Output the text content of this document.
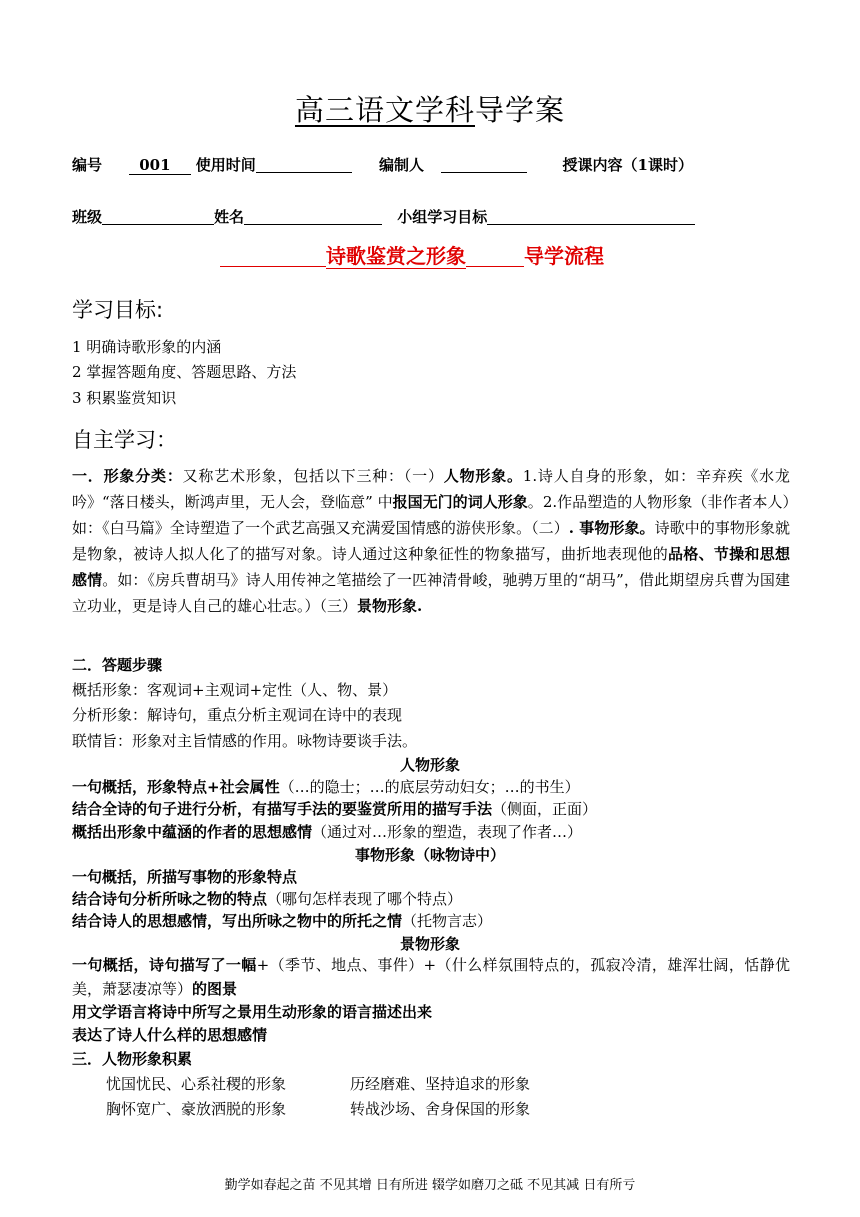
高三语文学科导学案
编号 001 使用时间	编制人	授课内容（1课时）
班级	姓名	小组学习目标
诗歌鉴赏之形象	导学流程
学习目标:
1 明确诗歌形象的内涵
2 掌握答题角度、答题思路、方法
3 积累鉴赏知识
自主学习：
一．形象分类：又称艺术形象，包括以下三种：（一）人物形象。1.诗人自身的形象，如：辛弃疾《水龙吟》“落日楼头，断鸿声里，无人会，登临意” 中报国无门的词人形象。2.作品塑造的人物形象（非作者本人）如：《白马篇》全诗塑造了一个武艺高强又充满爱国情感的游侠形象。（二）. 事物形象。诗歌中的事物形象就是物象，被诗人拟人化了的描写对象。诗人通过这种象征性的物象描写，曲折地表现他的品格、节操和思想感情。如：《房兵曹胡马》诗人用传神之笔描绘了一匹神清骨峻，驰骋万里的“胡马”，借此期望房兵曹为国建立功业，更是诗人自己的雄心壮志。）（三）景物形象.
二．答题步骤
概括形象：客观词+主观词+定性（人、物、景）
分析形象：解诗句，重点分析主观词在诗中的表现
联情旨：形象对主旨情感的作用。咏物诗要谈手法。
人物形象
一句概括，形象特点+社会属性（…的隐士；…的底层劳动妇女；…的书生）
结合全诗的句子进行分析，有描写手法的要鉴赏所用的描写手法（侧面，正面）
概括出形象中蕴涵的作者的思想感情（通过对…形象的塑造，表现了作者…）
事物形象（咏物诗中）
一句概括，所描写事物的形象特点
结合诗句分析所咏之物的特点（哪句怎样表现了哪个特点）
结合诗人的思想感情，写出所咏之物中的所托之情（托物言志）
景物形象
一句概括，诗句描写了一幅+（季节、地点、事件）+（什么样氛围特点的，孤寂冷清，雄浑壮阔，恬静优美，萧瑟凄凉等）的图景
用文学语言将诗中所写之景用生动形象的语言描述出来
表达了诗人什么样的思想感情
三．人物形象积累
忧国忧民、心系社稷的形象	历经磨难、坚持追求的形象
胸怀宽广、豪放洒脱的形象	转战沙场、舍身保国的形象
勤学如春起之苗 不见其增 日有所进 辍学如磨刀之砥 不见其减 日有所亏
